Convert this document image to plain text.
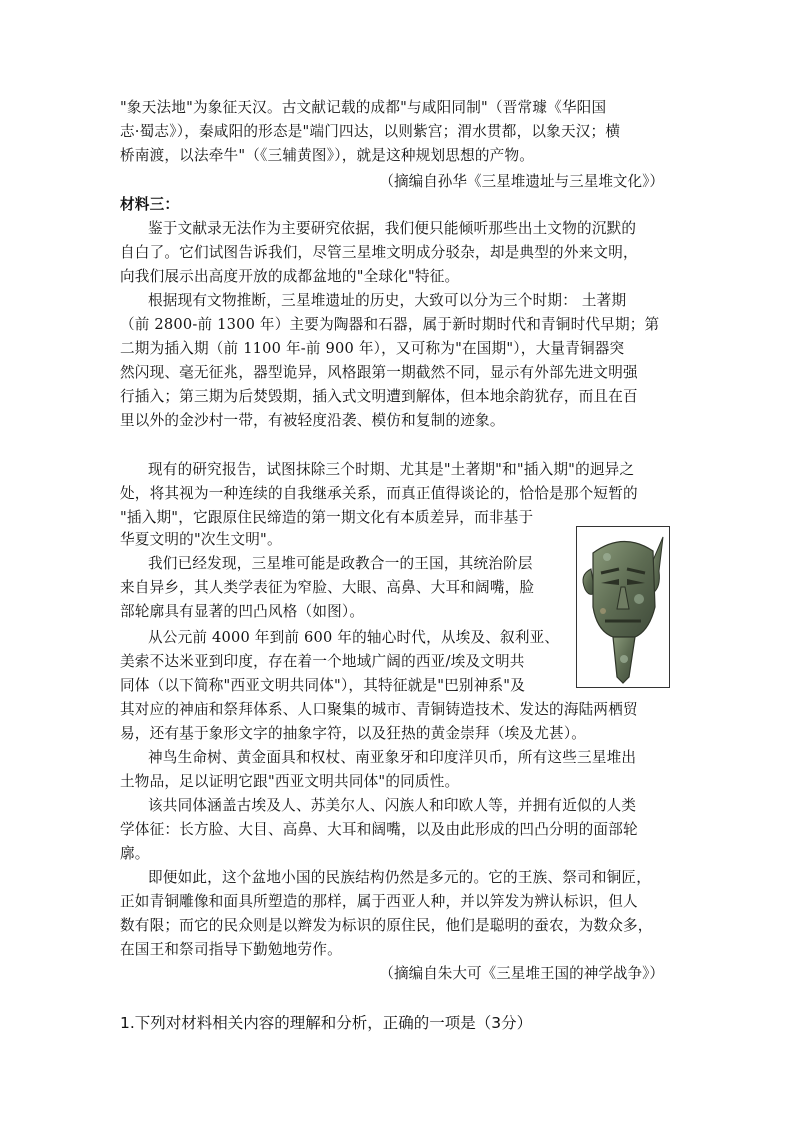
"象天法地"为象征天汉。古文献记载的成都"与咸阳同制"（晋常璩《华阳国
志·蜀志》），秦咸阳的形态是"端门四达，以则紫宫；渭水贯都，以象天汉；横
桥南渡，以法牵牛"（《三辅黄图》），就是这种规划思想的产物。
（摘编自孙华《三星堆遗址与三星堆文化》）
材料三：
鉴于文献录无法作为主要研究依据，我们便只能倾听那些出土文物的沉默的
自白了。它们试图告诉我们，尽管三星堆文明成分驳杂，却是典型的外来文明，
向我们展示出高度开放的成都盆地的"全球化"特征。
根据现有文物推断，三星堆遗址的历史，大致可以分为三个时期： 土著期
（前 2800-前 1300 年）主要为陶器和石器，属于新时期时代和青铜时代早期；第
二期为插入期（前 1100 年-前 900 年），又可称为"在国期"），大量青铜器突
然闪现、毫无征兆，器型诡异，风格跟第一期截然不同，显示有外部先进文明强
行插入；第三期为后焚毁期，插入式文明遭到解体，但本地余韵犹存，而且在百
里以外的金沙村一带，有被轻度沿袭、模仿和复制的迹象。
现有的研究报告，试图抹除三个时期、尤其是"土著期"和"插入期"的迥异之
处，将其视为一种连续的自我继承关系，而真正值得谈论的，恰恰是那个短暂的
"插入期"，它跟原住民缔造的第一期文化有本质差异，而非基于
华夏文明的"次生文明"。
我们已经发现，三星堆可能是政教合一的王国，其统治阶层
来自异乡，其人类学表征为窄脸、大眼、高鼻、大耳和阔嘴，脸
部轮廓具有显著的凹凸风格（如图）。
从公元前 4000 年到前 600 年的轴心时代，从埃及、叙利亚、
美索不达米亚到印度，存在着一个地域广阔的西亚/埃及文明共
同体（以下简称"西亚文明共同体"），其特征就是"巴别神系"及
其对应的神庙和祭拜体系、人口聚集的城市、青铜铸造技术、发达的海陆两栖贸
易，还有基于象形文字的抽象字符，以及狂热的黄金崇拜（埃及尤甚）。
神鸟生命树、黄金面具和权杖、南亚象牙和印度洋贝币，所有这些三星堆出
土物品，足以证明它跟"西亚文明共同体"的同质性。
该共同体涵盖古埃及人、苏美尔人、闪族人和印欧人等，并拥有近似的人类
学体征：长方脸、大目、高鼻、大耳和阔嘴，以及由此形成的凹凸分明的面部轮
廓。
即便如此，这个盆地小国的民族结构仍然是多元的。它的王族、祭司和铜匠，
正如青铜雕像和面具所塑造的那样，属于西亚人种，并以笄发为辨认标识，但人
数有限；而它的民众则是以辫发为标识的原住民，他们是聪明的蚕农，为数众多，
在国王和祭司指导下勤勉地劳作。
（摘编自朱大可《三星堆王国的神学战争》）
1.下列对材料相关内容的理解和分析，正确的一项是（3分）
